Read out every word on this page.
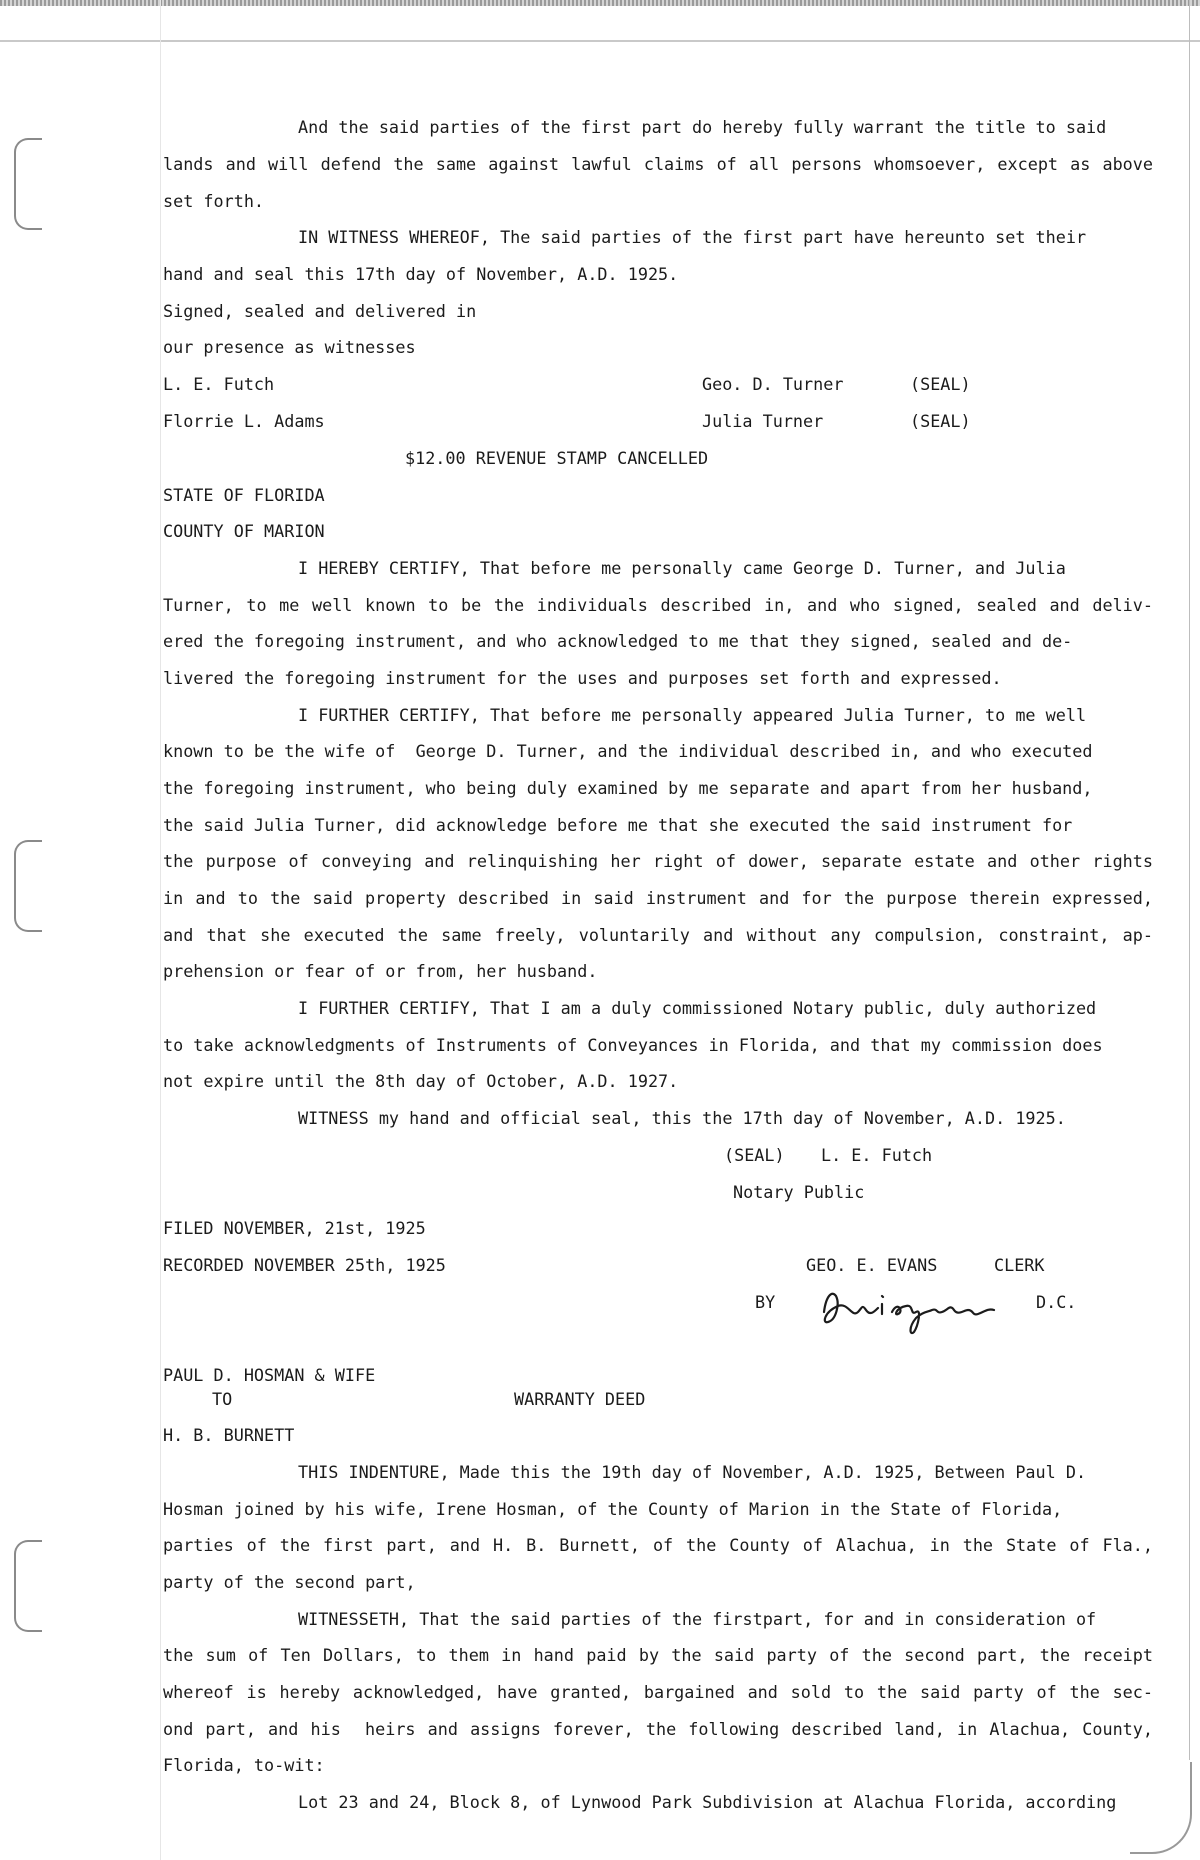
And the said parties of the first part do hereby fully warrant the title to said
lands and will defend the same against lawful claims of all persons whomsoever, except as above
set forth.
IN WITNESS WHEREOF, The said parties of the first part have hereunto set their
hand and seal this 17th day of November, A.D. 1925.
Signed, sealed and delivered in
our presence as witnesses
L. E. Futch	Geo. D. Turner	(SEAL)
Florrie L. Adams	Julia Turner	(SEAL)
$12.00 REVENUE STAMP CANCELLED
STATE OF FLORIDA
COUNTY OF MARION
I HEREBY CERTIFY, That before me personally came George D. Turner, and Julia
Turner, to me well known to be the individuals described in, and who signed, sealed and deliv-
ered the foregoing instrument, and who acknowledged to me that they signed, sealed and de-
livered the foregoing instrument for the uses and purposes set forth and expressed.
I FURTHER CERTIFY, That before me personally appeared Julia Turner, to me well
known to be the wife of  George D. Turner, and the individual described in, and who executed
the foregoing instrument, who being duly examined by me separate and apart from her husband,
the said Julia Turner, did acknowledge before me that she executed the said instrument for
the purpose of conveying and relinquishing her right of dower, separate estate and other rights
in and to the said property described in said instrument and for the purpose therein expressed,
and that she executed the same freely, voluntarily and without any compulsion, constraint, ap-
prehension or fear of or from, her husband.
I FURTHER CERTIFY, That I am a duly commissioned Notary public, duly authorized
to take acknowledgments of Instruments of Conveyances in Florida, and that my commission does
not expire until the 8th day of October, A.D. 1927.
WITNESS my hand and official seal, this the 17th day of November, A.D. 1925.
(SEAL) L. E. Futch
Notary Public
FILED NOVEMBER, 21st, 1925
RECORDED NOVEMBER 25th, 1925	GEO. E. EVANS	CLERK
BY	D.C.
PAUL D. HOSMAN & WIFE
TO	WARRANTY DEED
H. B. BURNETT
THIS INDENTURE, Made this the 19th day of November, A.D. 1925, Between Paul D.
Hosman joined by his wife, Irene Hosman, of the County of Marion in the State of Florida,
parties of the first part, and H. B. Burnett, of the County of Alachua, in the State of Fla.,
party of the second part,
WITNESSETH, That the said parties of the firstpart, for and in consideration of
the sum of Ten Dollars, to them in hand paid by the said party of the second part, the receipt
whereof is hereby acknowledged, have granted, bargained and sold to the said party of the sec-
ond part, and his  heirs and assigns forever, the following described land, in Alachua, County,
Florida, to-wit:
Lot 23 and 24, Block 8, of Lynwood Park Subdivision at Alachua Florida, according
